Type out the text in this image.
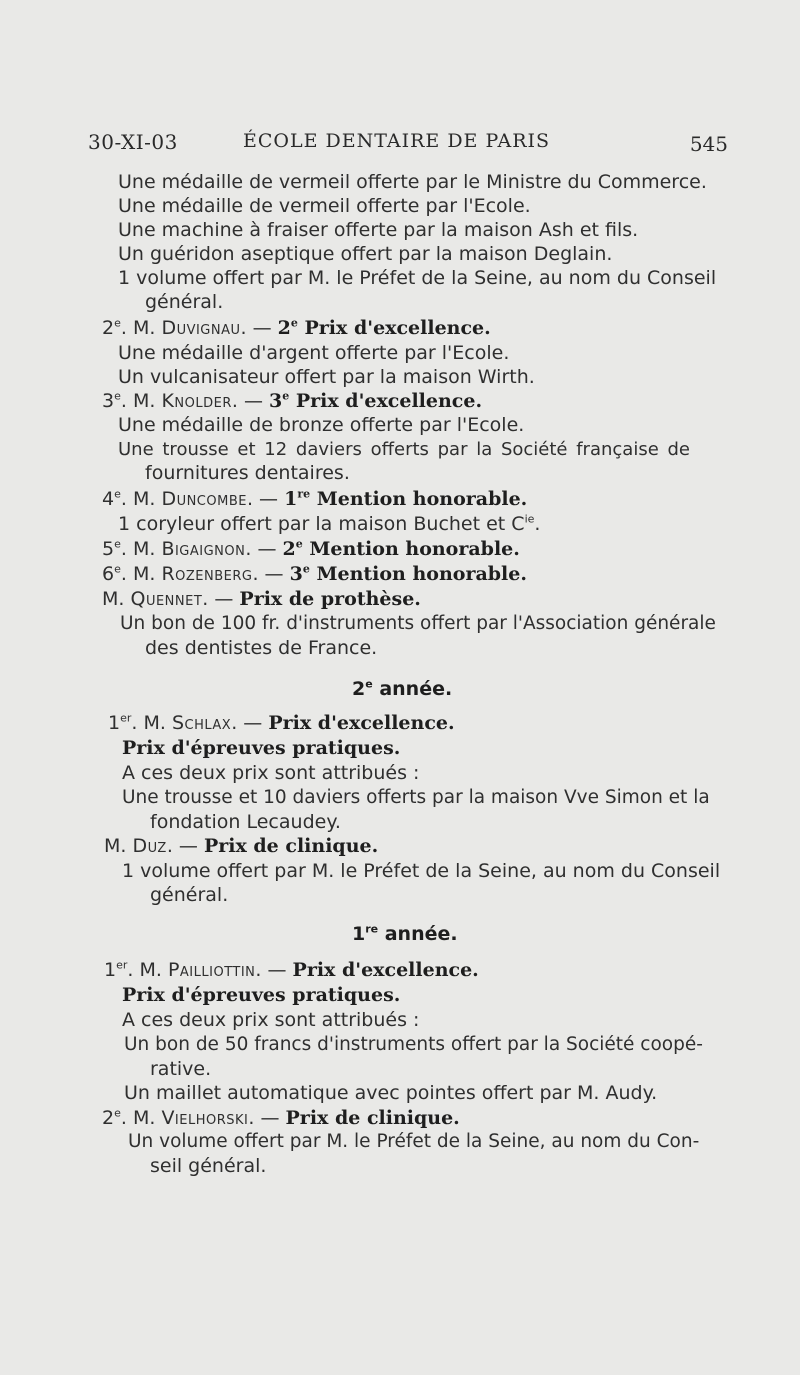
30-XI-03	ÉCOLE DENTAIRE DE PARIS	545
Une médaille de vermeil offerte par le Ministre du Commerce.
Une médaille de vermeil offerte par l'Ecole.
Une machine à fraiser offerte par la maison Ash et fils.
Un guéridon aseptique offert par la maison Deglain.
1 volume offert par M. le Préfet de la Seine, au nom du Conseil
général.
2e. M. Duvignau. — 2e Prix d'excellence.
Une médaille d'argent offerte par l'Ecole.
Un vulcanisateur offert par la maison Wirth.
3e. M. Knolder. — 3e Prix d'excellence.
Une médaille de bronze offerte par l'Ecole.
Une trousse et 12 daviers offerts par la Société française de
fournitures dentaires.
4e. M. Duncombe. — 1re Mention honorable.
1 coryleur offert par la maison Buchet et $C^{ie}$.
5e. M. Bigaignon. — 2e Mention honorable.
6e. M. Rozenberg. — 3e Mention honorable.
M. Quennet. — Prix de prothèse.
Un bon de 100 fr. d'instruments offert par l'Association générale
des dentistes de France.
2e année.
1er. M. Schlax. — Prix d'excellence.
Prix d'épreuves pratiques.
A ces deux prix sont attribués :
Une trousse et 10 daviers offerts par la maison Vve Simon et la
fondation Lecaudey.
M. Duz. — Prix de clinique.
1 volume offert par M. le Préfet de la Seine, au nom du Conseil
général.
1re année.
1er. M. Pailliottin. — Prix d'excellence.
Prix d'épreuves pratiques.
A ces deux prix sont attribués :
Un bon de 50 francs d'instruments offert par la Société coopé-
rative.
Un maillet automatique avec pointes offert par M. Audy.
2e. M. Vielhorski. — Prix de clinique.
Un volume offert par M. le Préfet de la Seine, au nom du Con-
seil général.
